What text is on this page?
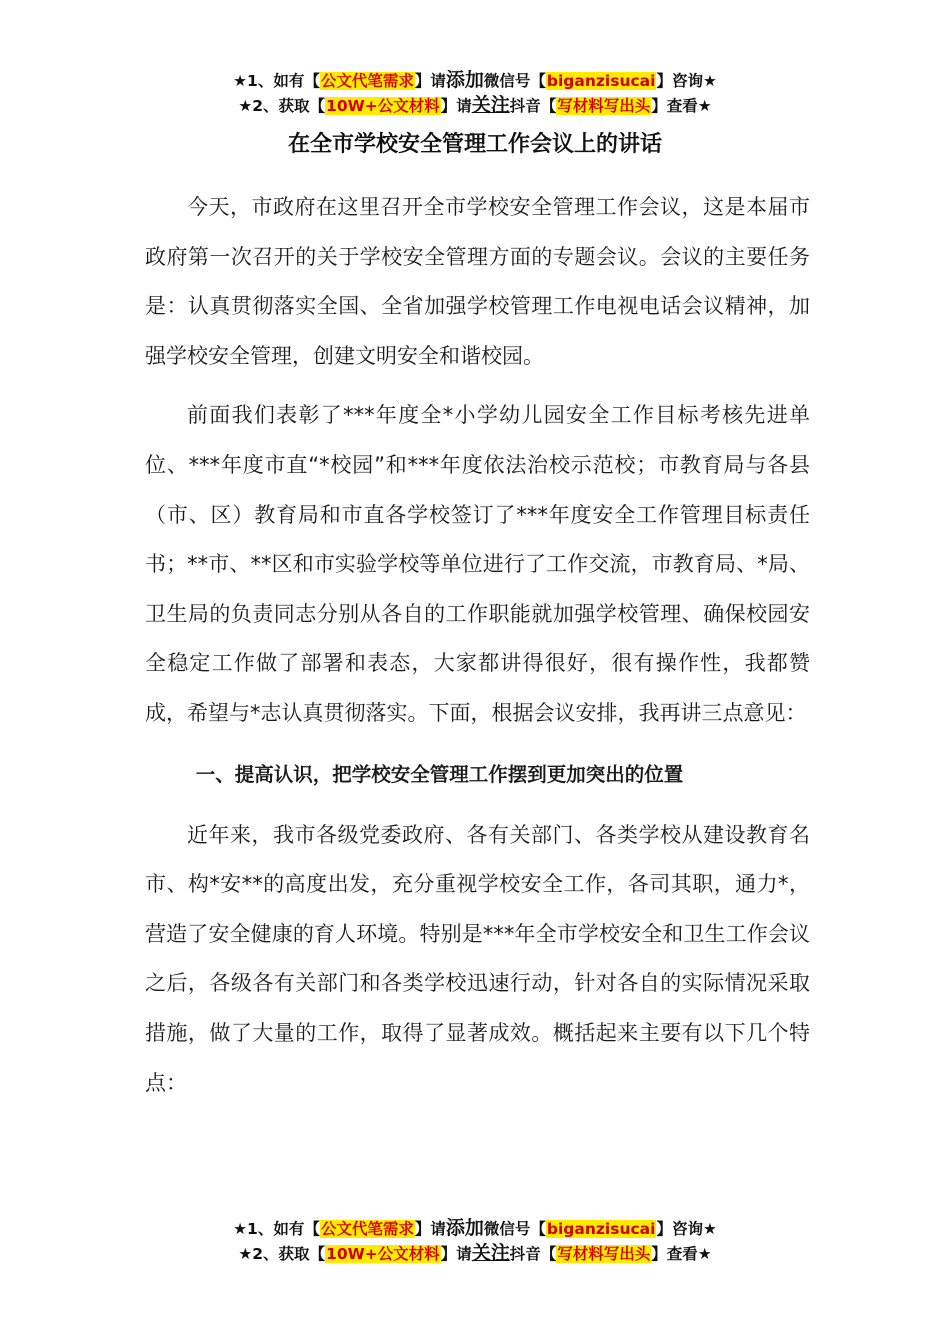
★1、如有【公文代笔需求】请添加微信号【biganzisucai】咨询★
★2、获取【10W+公文材料】请关注抖音【写材料写出头】查看★
在全市学校安全管理工作会议上的讲话

今天，市政府在这里召开全市学校安全管理工作会议，这是本届市政府第一次召开的关于学校安全管理方面的专题会议。会议的主要任务是：认真贯彻落实全国、全省加强学校管理工作电视电话会议精神，加强学校安全管理，创建文明安全和谐校园。

前面我们表彰了***年度全*小学幼儿园安全工作目标考核先进单位、***年度市直“*校园”和***年度依法治校示范校；市教育局与各县（市、区）教育局和市直各学校签订了***年度安全工作管理目标责任书；**市、**区和市实验学校等单位进行了工作交流，市教育局、*局、卫生局的负责同志分别从各自的工作职能就加强学校管理、确保校园安全稳定工作做了部署和表态，大家都讲得很好，很有操作性，我都赞成，希望与*志认真贯彻落实。下面，根据会议安排，我再讲三点意见：

一、提高认识，把学校安全管理工作摆到更加突出的位置

近年来，我市各级党委政府、各有关部门、各类学校从建设教育名市、构*安**的高度出发，充分重视学校安全工作，各司其职，通力*，营造了安全健康的育人环境。特别是***年全市学校安全和卫生工作会议之后，各级各有关部门和各类学校迅速行动，针对各自的实际情况采取措施，做了大量的工作，取得了显著成效。概括起来主要有以下几个特点：

★1、如有【公文代笔需求】请添加微信号【biganzisucai】咨询★
★2、获取【10W+公文材料】请关注抖音【写材料写出头】查看★
